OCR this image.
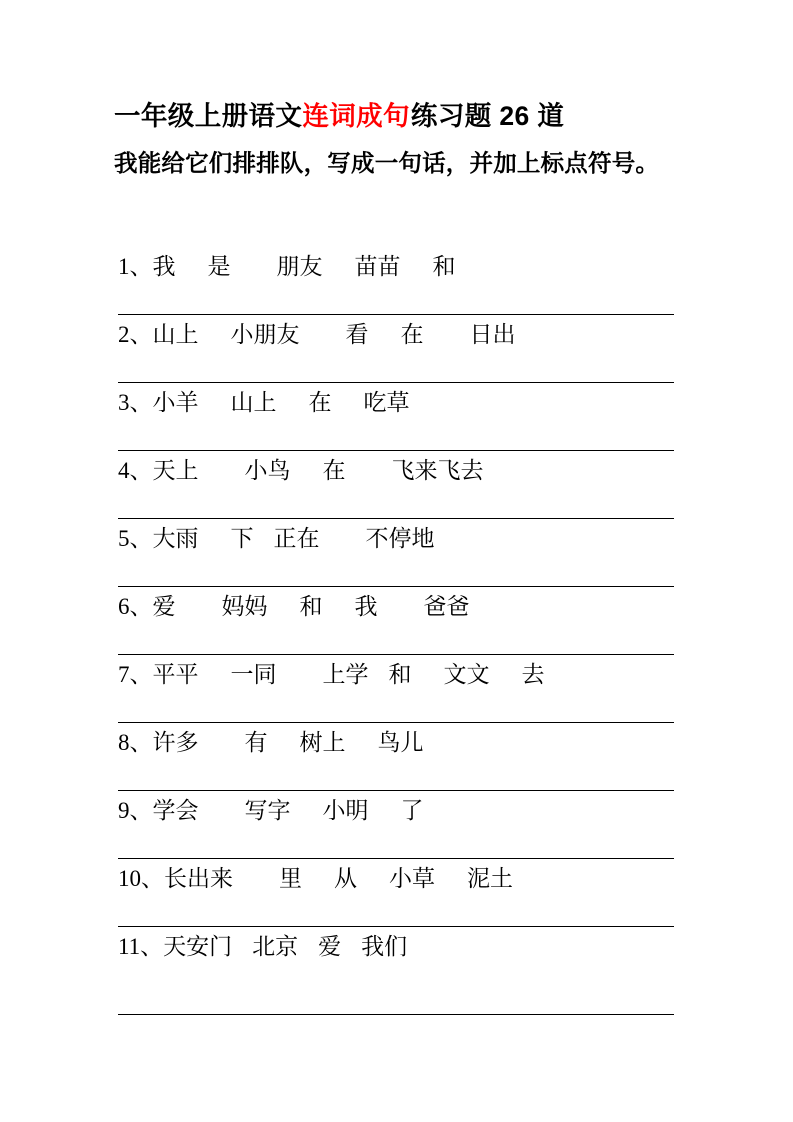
一年级上册语文连词成句练习题 26 道

我能给它们排排队，写成一句话，并加上标点符号。

1、我 是 朋友 苗苗 和
2、山上 小朋友 看 在 日出
3、小羊 山上 在 吃草
4、天上 小鸟 在 飞来飞去
5、大雨 下 正在 不停地
6、爱 妈妈 和 我 爸爸
7、平平 一同 上学 和 文文 去
8、许多 有 树上 鸟儿
9、学会 写字 小明 了
10、长出来 里 从 小草 泥土
11、天安门 北京 爱 我们
